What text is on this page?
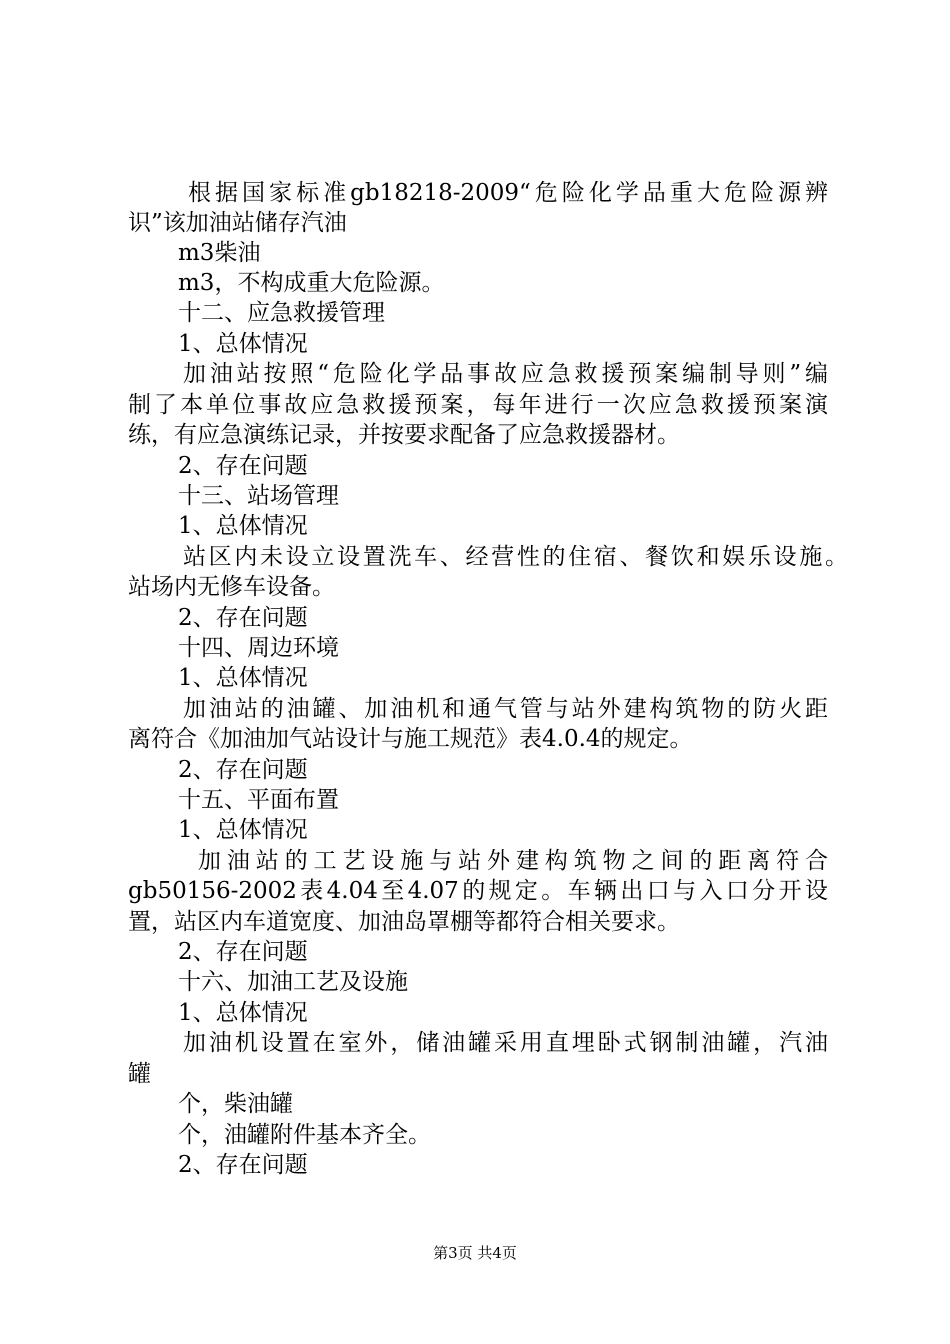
根据国家标准gb18218-2009“危险化学品重大危险源辨
识”该加油站储存汽油
m3柴油
m3，不构成重大危险源。
十二、应急救援管理
1、总体情况
加油站按照“危险化学品事故应急救援预案编制导则”编
制了本单位事故应急救援预案，每年进行一次应急救援预案演
练，有应急演练记录，并按要求配备了应急救援器材。
2、存在问题
十三、站场管理
1、总体情况
站区内未设立设置洗车、经营性的住宿、餐饮和娱乐设施。
站场内无修车设备。
2、存在问题
十四、周边环境
1、总体情况
加油站的油罐、加油机和通气管与站外建构筑物的防火距
离符合《加油加气站设计与施工规范》表4.0.4的规定。
2、存在问题
十五、平面布置
1、总体情况
加油站的工艺设施与站外建构筑物之间的距离符合
gb50156-2002表4.04至4.07的规定。车辆出口与入口分开设
置，站区内车道宽度、加油岛罩棚等都符合相关要求。
2、存在问题
十六、加油工艺及设施
1、总体情况
加油机设置在室外，储油罐采用直埋卧式钢制油罐，汽油
罐
个，柴油罐
个，油罐附件基本齐全。
2、存在问题
第3页 共4页
